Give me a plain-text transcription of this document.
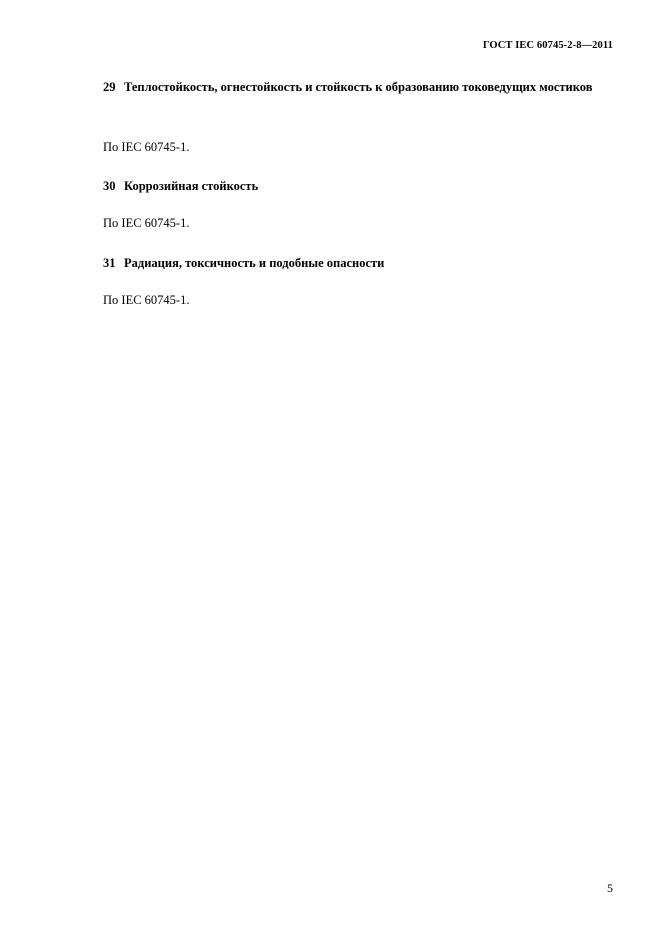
ГОСТ IEC 60745-2-8—2011
29 Теплостойкость, огнестойкость и стойкость к образованию токоведущих мостиков
По IEC 60745-1.
30 Коррозийная стойкость
По IEC 60745-1.
31 Радиация, токсичность и подобные опасности
По IEC 60745-1.
5
